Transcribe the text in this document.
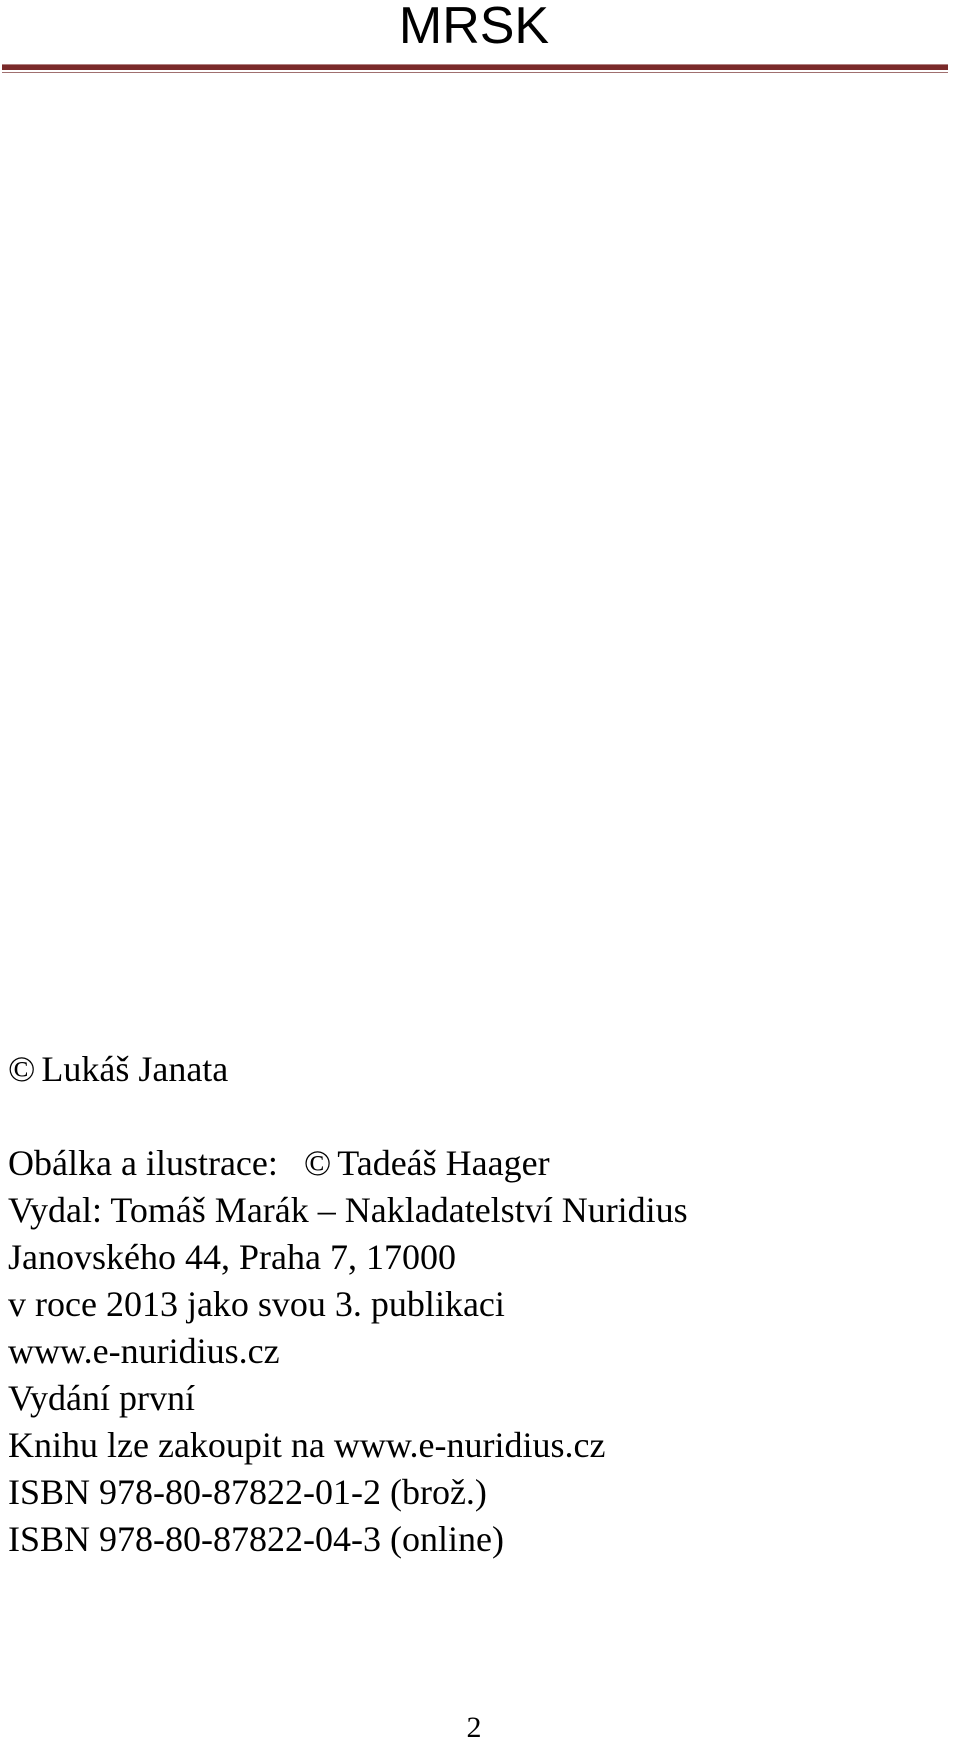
MRSK
© Lukáš Janata
Obálka a ilustrace: © Tadeáš Haager
Vydal: Tomáš Marák – Nakladatelství Nuridius
Janovského 44, Praha 7, 17000
v roce 2013 jako svou 3. publikaci
www.e-nuridius.cz
Vydání první
Knihu lze zakoupit na www.e-nuridius.cz
ISBN 978-80-87822-01-2 (brož.)
ISBN 978-80-87822-04-3 (online)
2
